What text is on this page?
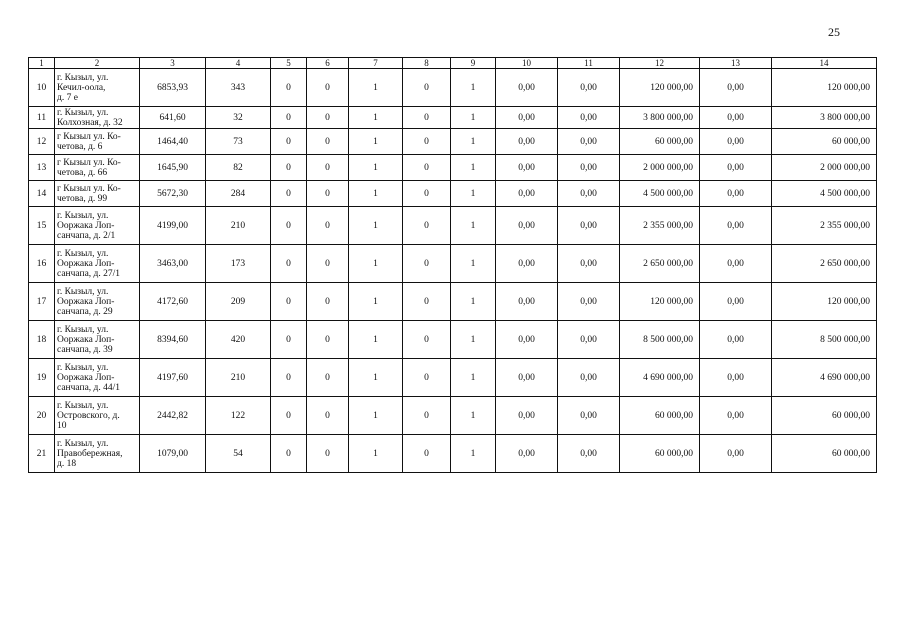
25
1	2	3	4	5	6	7	8	9	10	11	12	13	14
10	г. Кызыл, ул.
Кечил-оола,
д. 7 е	6853,93	343	0	0	1	0	1	0,00	0,00	120 000,00	0,00	120 000,00
11	г. Кызыл, ул.
Колхозная, д. 32	641,60	32	0	0	1	0	1	0,00	0,00	3 800 000,00	0,00	3 800 000,00
12	г Кызыл ул. Ко-
четова, д. 6	1464,40	73	0	0	1	0	1	0,00	0,00	60 000,00	0,00	60 000,00
13	г Кызыл ул. Ко-
четова, д. 66	1645,90	82	0	0	1	0	1	0,00	0,00	2 000 000,00	0,00	2 000 000,00
14	г Кызыл ул. Ко-
четова, д. 99	5672,30	284	0	0	1	0	1	0,00	0,00	4 500 000,00	0,00	4 500 000,00
15	г. Кызыл, ул.
Ооржака Лоп-
санчапа, д. 2/1	4199,00	210	0	0	1	0	1	0,00	0,00	2 355 000,00	0,00	2 355 000,00
16	г. Кызыл, ул.
Ооржака Лоп-
санчапа, д. 27/1	3463,00	173	0	0	1	0	1	0,00	0,00	2 650 000,00	0,00	2 650 000,00
17	г. Кызыл, ул.
Ооржака Лоп-
санчапа, д. 29	4172,60	209	0	0	1	0	1	0,00	0,00	120 000,00	0,00	120 000,00
18	г. Кызыл, ул.
Ооржака Лоп-
санчапа, д. 39	8394,60	420	0	0	1	0	1	0,00	0,00	8 500 000,00	0,00	8 500 000,00
19	г. Кызыл, ул.
Ооржака Лоп-
санчапа, д. 44/1	4197,60	210	0	0	1	0	1	0,00	0,00	4 690 000,00	0,00	4 690 000,00
20	г. Кызыл, ул.
Островского, д.
10	2442,82	122	0	0	1	0	1	0,00	0,00	60 000,00	0,00	60 000,00
21	г. Кызыл, ул.
Правобережная,
д. 18	1079,00	54	0	0	1	0	1	0,00	0,00	60 000,00	0,00	60 000,00
